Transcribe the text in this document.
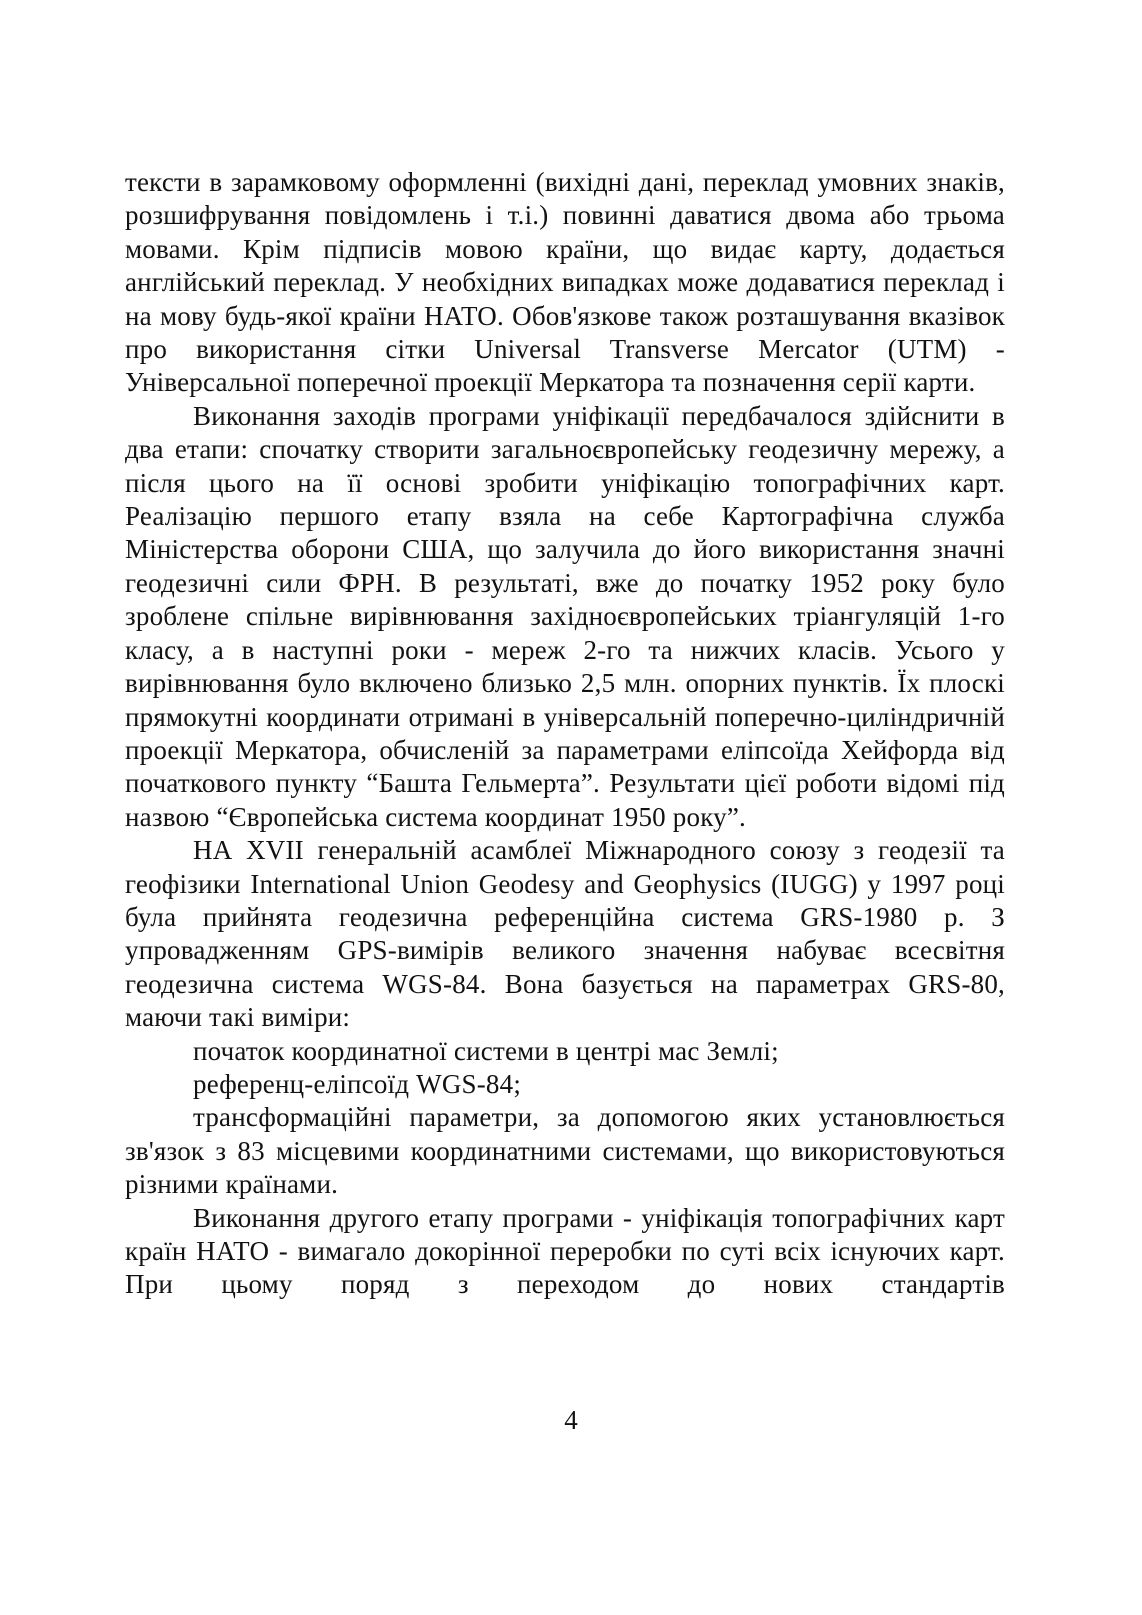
тексти в зарамковому оформленні (вихідні дані, переклад умовних знаків, розшифрування повідомлень і т.і.) повинні даватися двома або трьома мовами. Крім підписів мовою країни, що видає карту, додається англійський переклад. У необхідних випадках може додаватися переклад і на мову будь-якої країни НАТО. Обов'язкове також розташування вказівок про використання сітки Universal Transverse Mercator (UTM) - Універсальної поперечної проекції Меркатора та позначення серії карти.

Виконання заходів програми уніфікації передбачалося здійснити в два етапи: спочатку створити загальноєвропейську геодезичну мережу, а після цього на її основі зробити уніфікацію топографічних карт. Реалізацію першого етапу взяла на себе Картографічна служба Міністерства оборони США, що залучила до його використання значні геодезичні сили ФРН. В результаті, вже до початку 1952 року було зроблене спільне вирівнювання західноєвропейських тріангуляцій 1-го класу, а в наступні роки - мереж 2-го та нижчих класів. Усього у вирівнювання було включено близько 2,5 млн. опорних пунктів. Їх плоскі прямокутні координати отримані в універсальній поперечно-циліндричній проекції Меркатора, обчисленій за параметрами еліпсоїда Хейфорда від початкового пункту “Башта Гельмерта”. Результати цієї роботи відомі під назвою “Європейська система координат 1950 року”.

НА XVII генеральній асамблеї Міжнародного союзу з геодезії та геофізики International Union Geodesy and Geophysics (IUGG) у 1997 році була прийнята геодезична референційна система GRS-1980 р. З упровадженням GPS-вимірів великого значення набуває всесвітня геодезична система WGS-84. Вона базується на параметрах GRS-80, маючи такі виміри:

початок координатної системи в центрі мас Землі;

референц-еліпсоїд WGS-84;

трансформаційні параметри, за допомогою яких установлюється зв'язок з 83 місцевими координатними системами, що використовуються різними країнами.

Виконання другого етапу програми - уніфікація топографічних карт країн НАТО - вимагало докорінної переробки по суті всіх існуючих карт. При цьому поряд з переходом до нових стандартів

4
